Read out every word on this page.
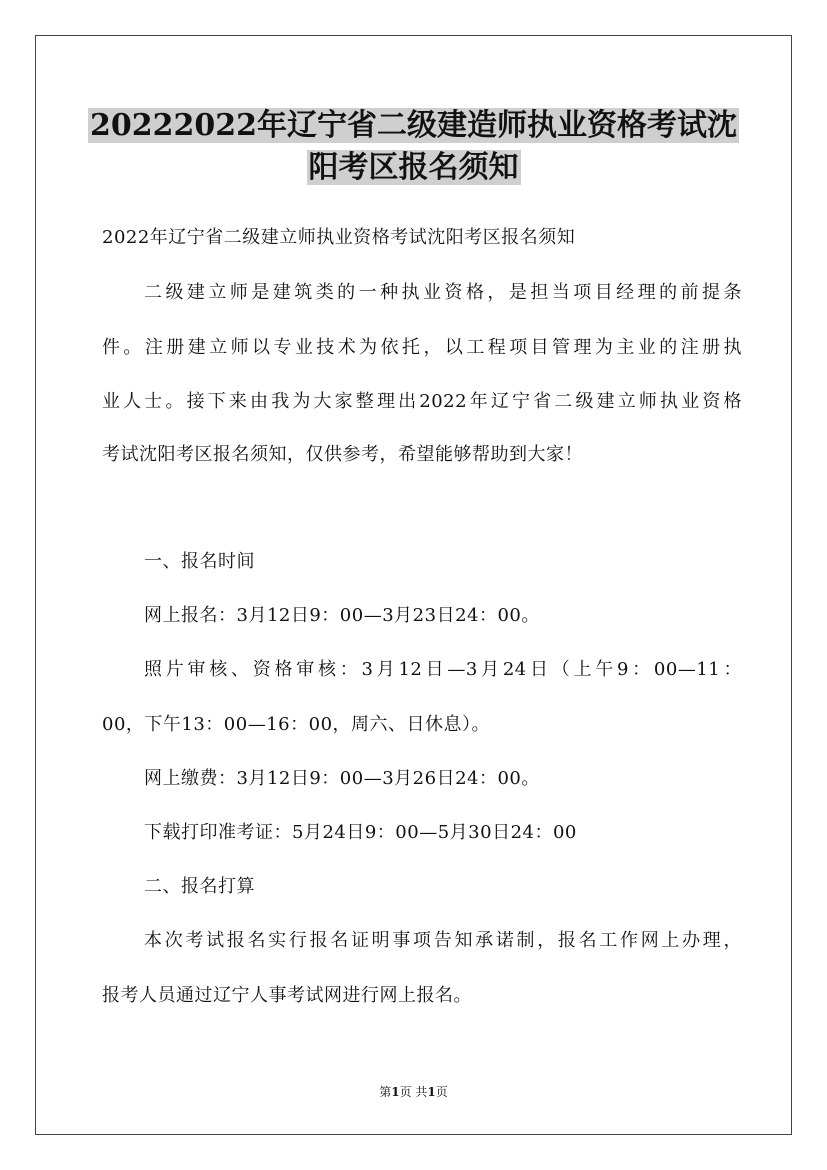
20222022年辽宁省二级建造师执业资格考试沈
阳考区报名须知
2022年辽宁省二级建立师执业资格考试沈阳考区报名须知
二级建立师是建筑类的一种执业资格，是担当项目经理的前提条
件。注册建立师以专业技术为依托，以工程项目管理为主业的注册执
业人士。接下来由我为大家整理出2022年辽宁省二级建立师执业资格
考试沈阳考区报名须知，仅供参考，希望能够帮助到大家！
一、报名时间
网上报名：3月12日9：00—3月23日24：00。
照片审核、资格审核：3月12日—3月24日（上午9：00—11：
00，下午13：00—16：00，周六、日休息）。
网上缴费：3月12日9：00—3月26日24：00。
下载打印准考证：5月24日9：00—5月30日24：00
二、报名打算
本次考试报名实行报名证明事项告知承诺制，报名工作网上办理，
报考人员通过辽宁人事考试网进行网上报名。
第1页 共1页
